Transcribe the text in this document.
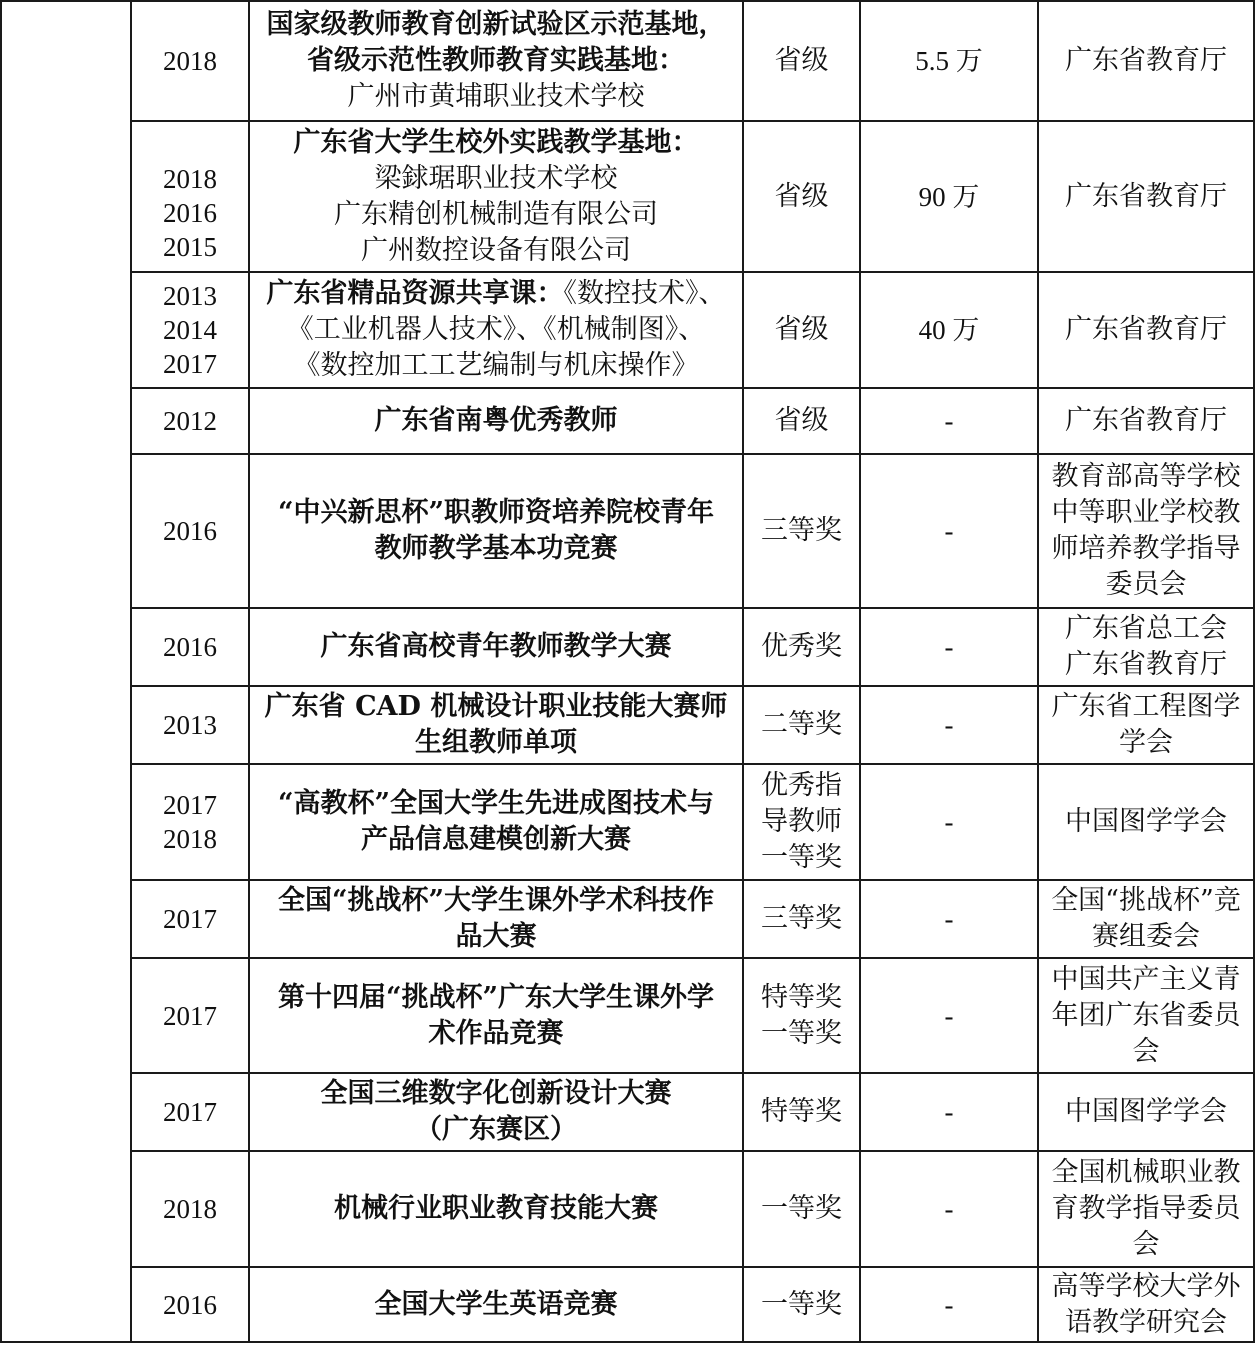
	2018	国家级教师教育创新试验区示范基地，
省级示范性教师教育实践基地：
广州市黄埔职业技术学校	省级	5.5 万	广东省教育厅
	2018
2016
2015	广东省大学生校外实践教学基地：
梁銶琚职业技术学校
广东精创机械制造有限公司
广州数控设备有限公司	省级	90 万	广东省教育厅
	2013
2014
2017	广东省精品资源共享课：《数控技术》、
《工业机器人技术》、《机械制图》、
《数控加工工艺编制与机床操作》	省级	40 万	广东省教育厅
	2012	广东省南粤优秀教师	省级	-	广东省教育厅
	2016	“中兴新思杯”职教师资培养院校青年
教师教学基本功竞赛	三等奖	-	教育部高等学校
中等职业学校教
师培养教学指导
委员会
	2016	广东省高校青年教师教学大赛	优秀奖	-	广东省总工会
广东省教育厅
	2013	广东省 CAD 机械设计职业技能大赛师
生组教师单项	二等奖	-	广东省工程图学
学会
	2017
2018	“高教杯”全国大学生先进成图技术与
产品信息建模创新大赛	优秀指
导教师
一等奖	-	中国图学学会
	2017	全国“挑战杯”大学生课外学术科技作
品大赛	三等奖	-	全国“挑战杯”竞
赛组委会
	2017	第十四届“挑战杯”广东大学生课外学
术作品竞赛	特等奖
一等奖	-	中国共产主义青
年团广东省委员
会
	2017	全国三维数字化创新设计大赛
（广东赛区）	特等奖	-	中国图学学会
	2018	机械行业职业教育技能大赛	一等奖	-	全国机械职业教
育教学指导委员
会
	2016	全国大学生英语竞赛	一等奖	-	高等学校大学外
语教学研究会
